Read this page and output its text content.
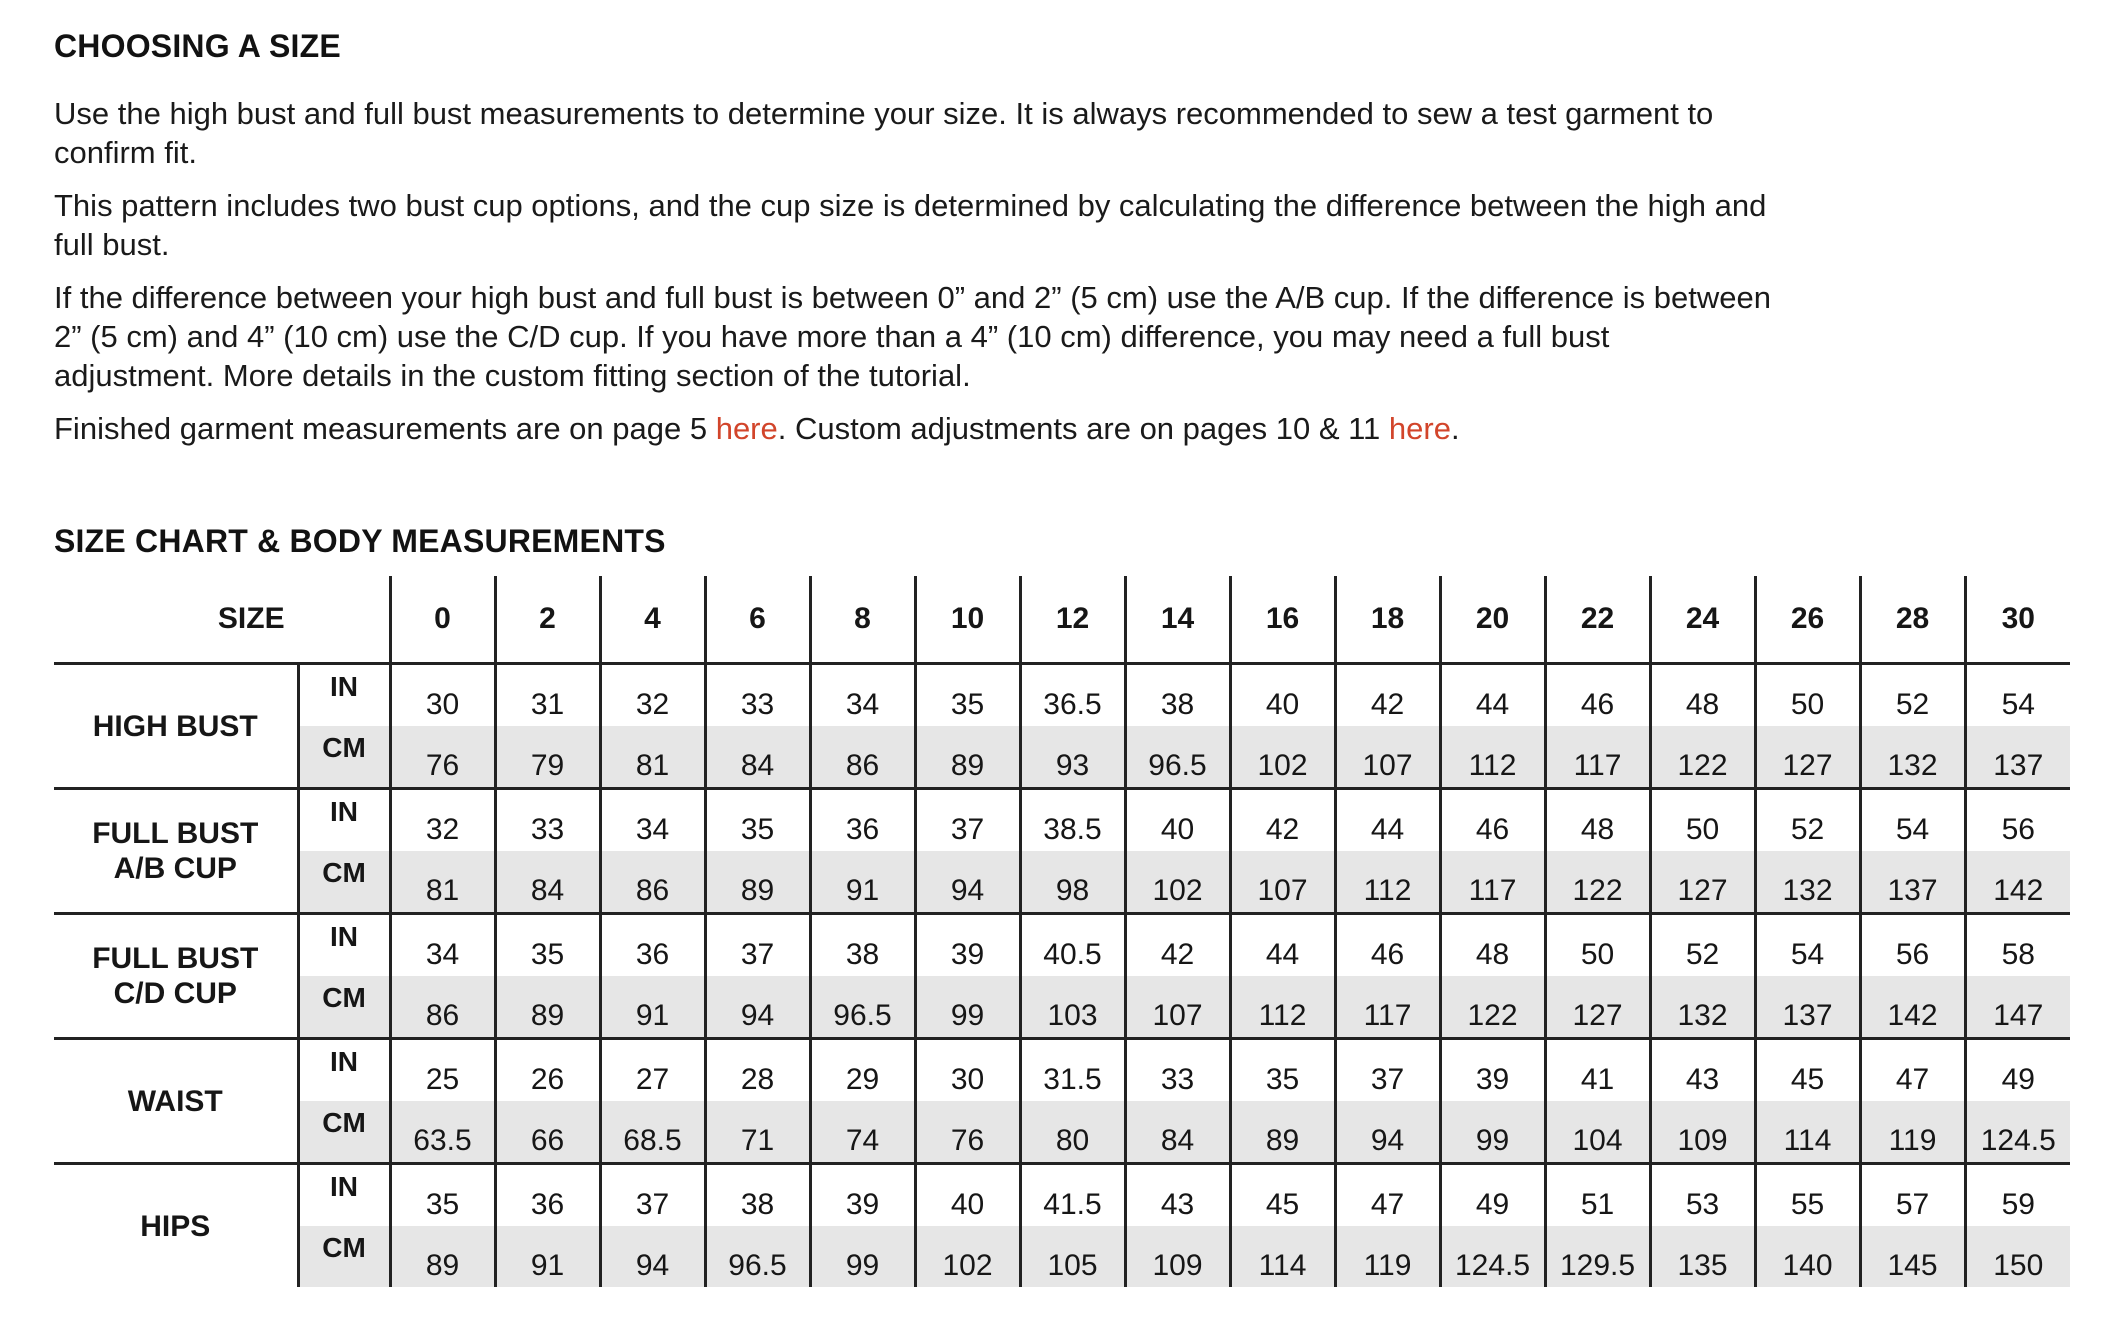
CHOOSING A SIZE

Use the high bust and full bust measurements to determine your size. It is always recommended to sew a test garment to confirm fit.

This pattern includes two bust cup options, and the cup size is determined by calculating the difference between the high and full bust.

If the difference between your high bust and full bust is between 0” and 2” (5 cm) use the A/B cup. If the difference is between 2” (5 cm) and 4” (10 cm) use the C/D cup. If you have more than a 4” (10 cm) difference, you may need a full bust adjustment. More details in the custom fitting section of the tutorial.

Finished garment measurements are on page 5 here. Custom adjustments are on pages 10 & 11 here.

SIZE CHART & BODY MEASUREMENTS
SIZE		0	2	4	6	8	10	12	14	16	18	20	22	24	26	28	30

HIGH BUST	IN	30	31	32	33	34	35	36.5	38	40	42	44	46	48	50	52	54
	CM	76	79	81	84	86	89	93	96.5	102	107	112	117	122	127	132	137

FULL BUST
A/B CUP	IN	32	33	34	35	36	37	38.5	40	42	44	46	48	50	52	54	56
	CM	81	84	86	89	91	94	98	102	107	112	117	122	127	132	137	142

FULL BUST
C/D CUP	IN	34	35	36	37	38	39	40.5	42	44	46	48	50	52	54	56	58
	CM	86	89	91	94	96.5	99	103	107	112	117	122	127	132	137	142	147

WAIST	IN	25	26	27	28	29	30	31.5	33	35	37	39	41	43	45	47	49
	CM	63.5	66	68.5	71	74	76	80	84	89	94	99	104	109	114	119	124.5

HIPS	IN	35	36	37	38	39	40	41.5	43	45	47	49	51	53	55	57	59
	CM	89	91	94	96.5	99	102	105	109	114	119	124.5	129.5	135	140	145	150
